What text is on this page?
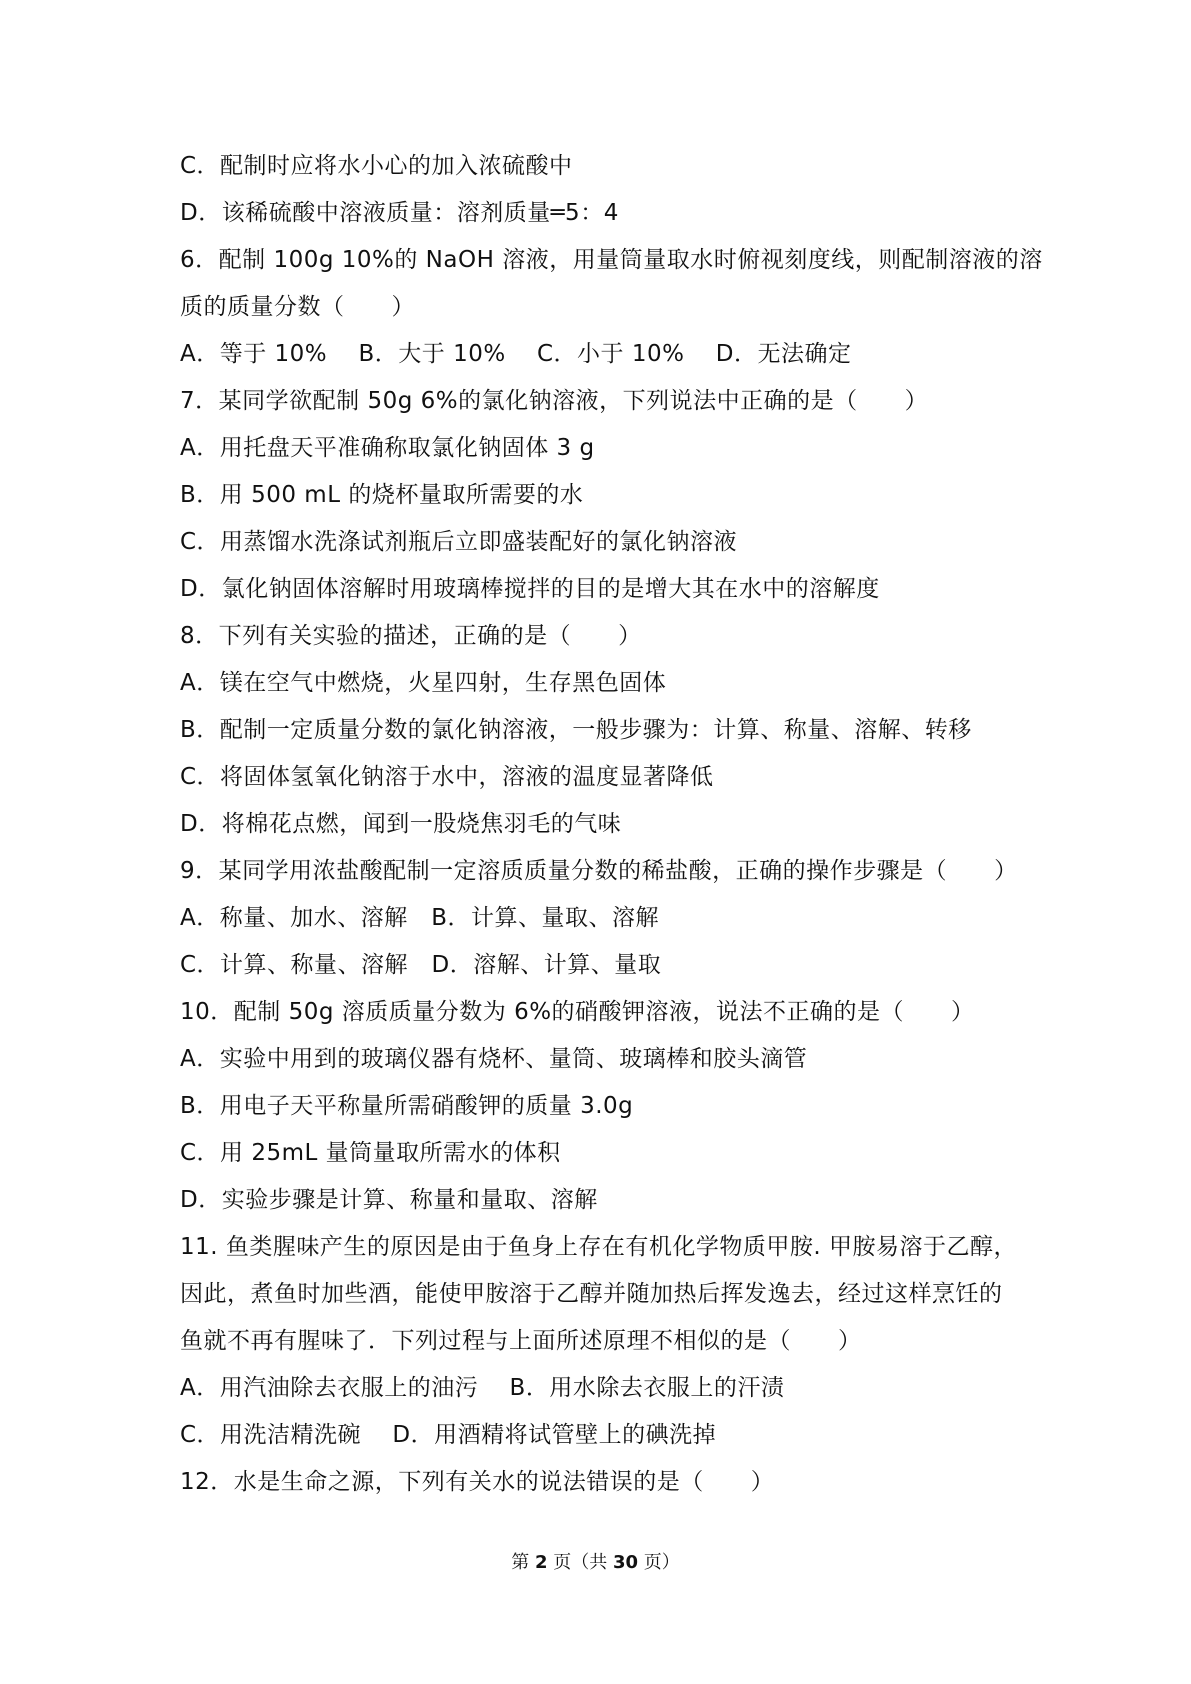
C．配制时应将水小心的加入浓硫酸中
D．该稀硫酸中溶液质量：溶剂质量═5：4
6．配制 100g 10%的 NaOH 溶液，用量筒量取水时俯视刻度线，则配制溶液的溶
质的质量分数（　　）
A．等于 10%　 B．大于 10%　 C．小于 10%　 D．无法确定
7．某同学欲配制 50g 6%的氯化钠溶液，下列说法中正确的是（　　）
A．用托盘天平准确称取氯化钠固体 3 g
B．用 500 mL 的烧杯量取所需要的水
C．用蒸馏水洗涤试剂瓶后立即盛装配好的氯化钠溶液
D．氯化钠固体溶解时用玻璃棒搅拌的目的是增大其在水中的溶解度
8．下列有关实验的描述，正确的是（　　）
A．镁在空气中燃烧，火星四射，生存黑色固体
B．配制一定质量分数的氯化钠溶液，一般步骤为：计算、称量、溶解、转移
C．将固体氢氧化钠溶于水中，溶液的温度显著降低
D．将棉花点燃，闻到一股烧焦羽毛的气味
9．某同学用浓盐酸配制一定溶质质量分数的稀盐酸，正确的操作步骤是（　　）
A．称量、加水、溶解　B．计算、量取、溶解
C．计算、称量、溶解　D．溶解、计算、量取
10．配制 50g 溶质质量分数为 6%的硝酸钾溶液，说法不正确的是（　　）
A．实验中用到的玻璃仪器有烧杯、量筒、玻璃棒和胶头滴管
B．用电子天平称量所需硝酸钾的质量 3.0g
C．用 25mL 量筒量取所需水的体积
D．实验步骤是计算、称量和量取、溶解
11. 鱼类腥味产生的原因是由于鱼身上存在有机化学物质甲胺. 甲胺易溶于乙醇，
因此，煮鱼时加些酒，能使甲胺溶于乙醇并随加热后挥发逸去，经过这样烹饪的
鱼就不再有腥味了．下列过程与上面所述原理不相似的是（　　）
A．用汽油除去衣服上的油污　 B．用水除去衣服上的汗渍
C．用洗洁精洗碗　 D．用酒精将试管壁上的碘洗掉
12．水是生命之源，下列有关水的说法错误的是（　　）
第 2 页（共 30 页）
